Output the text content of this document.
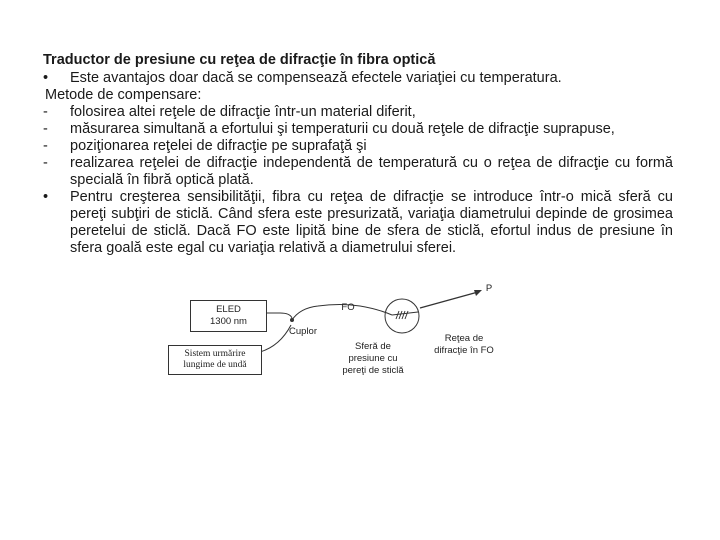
Traductor de presiune cu reţea de difracţie în fibra optică
• Este avantajos doar dacă se compensează efectele variaţiei cu temperatura.
Metode de compensare:
- folosirea altei reţele de difracţie într-un material diferit,
- măsurarea simultană a efortului şi temperaturii cu două reţele de difracţie suprapuse,
- poziţionarea reţelei de difracţie pe suprafaţă şi
- realizarea reţelei de difracţie independentă de temperatură cu o reţea de difracţie cu formă specială în fibră optică plată.
• Pentru creşterea sensibilităţii, fibra cu reţea de difracţie se introduce într-o mică sferă cu pereţi subţiri de sticlă. Când sfera este presurizată, variaţia diametrului depinde de grosimea peretelui de sticlă. Dacă FO este lipită bine de sfera de sticlă, efortul indus de presiune în sfera goală este egal cu variaţia relativă a diametrului sferei.
ELED
1300 nm
Sistem urmărire
lungime de undă
Cuplor
FO
P
Sferă de
presiune cu
pereţi de sticlă
Reţea de
difracţie în FO
